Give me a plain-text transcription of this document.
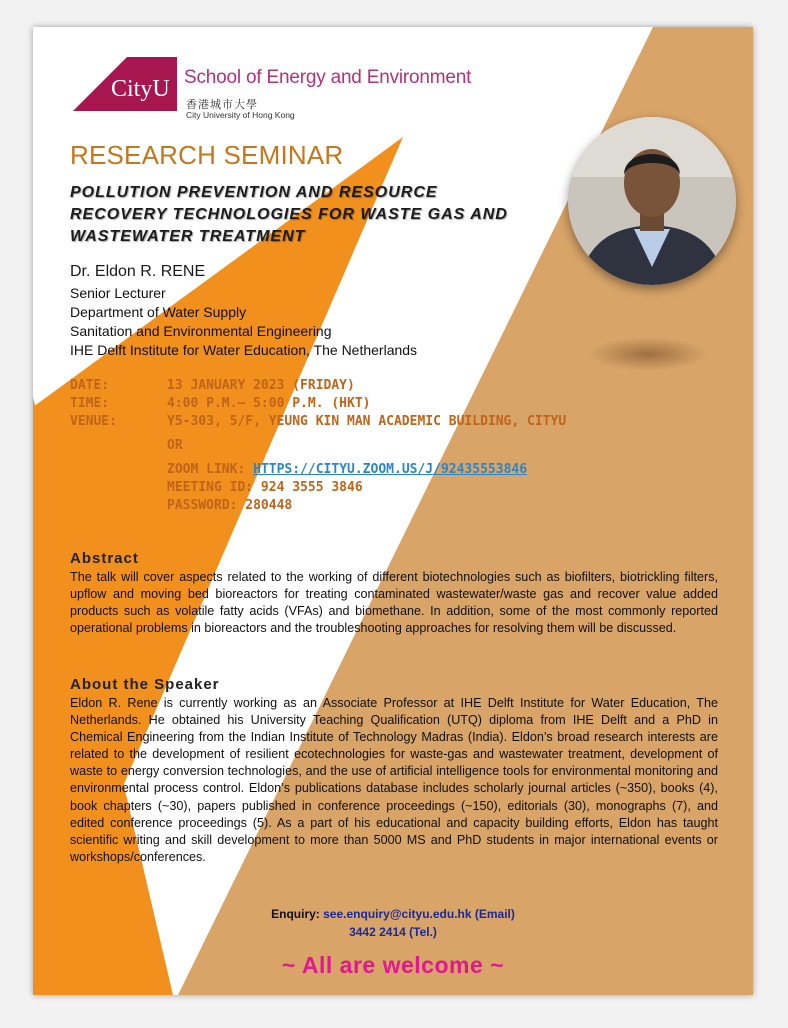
CityU School of Energy and Environment
香港城市大學
City University of Hong Kong
RESEARCH SEMINAR
POLLUTION PREVENTION AND RESOURCE
RECOVERY TECHNOLOGIES FOR WASTE GAS AND
WASTEWATER TREATMENT
Dr. Eldon R. RENE
Senior Lecturer
Department of Water Supply
Sanitation and Environmental Engineering
IHE Delft Institute for Water Education, The Netherlands
DATE:	13 JANUARY 2023 (FRIDAY)
TIME:	4:00 P.M.– 5:00 P.M. (HKT)
VENUE:	Y5-303, 5/F, YEUNG KIN MAN ACADEMIC BUILDING, CITYU
OR
ZOOM LINK: HTTPS://CITYU.ZOOM.US/J/92435553846
MEETING ID: 924 3555 3846
PASSWORD: 280448
Abstract
The talk will cover aspects related to the working of different biotechnologies such as biofilters, biotrickling filters, upflow and moving bed bioreactors for treating contaminated wastewater/waste gas and recover value added products such as volatile fatty acids (VFAs) and biomethane. In addition, some of the most commonly reported operational problems in bioreactors and the troubleshooting approaches for resolving them will be discussed.
About the Speaker
Eldon R. Rene is currently working as an Associate Professor at IHE Delft Institute for Water Education, The Netherlands. He obtained his University Teaching Qualification (UTQ) diploma from IHE Delft and a PhD in Chemical Engineering from the Indian Institute of Technology Madras (India). Eldon’s broad research interests are related to the development of resilient ecotechnologies for waste-gas and wastewater treatment, development of waste to energy conversion technologies, and the use of artificial intelligence tools for environmental monitoring and environmental process control. Eldon’s publications database includes scholarly journal articles (~350), books (4), book chapters (~30), papers published in conference proceedings (~150), editorials (30), monographs (7), and edited conference proceedings (5). As a part of his educational and capacity building efforts, Eldon has taught scientific writing and skill development to more than 5000 MS and PhD students in major international events or workshops/conferences.
Enquiry: see.enquiry@cityu.edu.hk (Email)
3442 2414 (Tel.)
~ All are welcome ~
